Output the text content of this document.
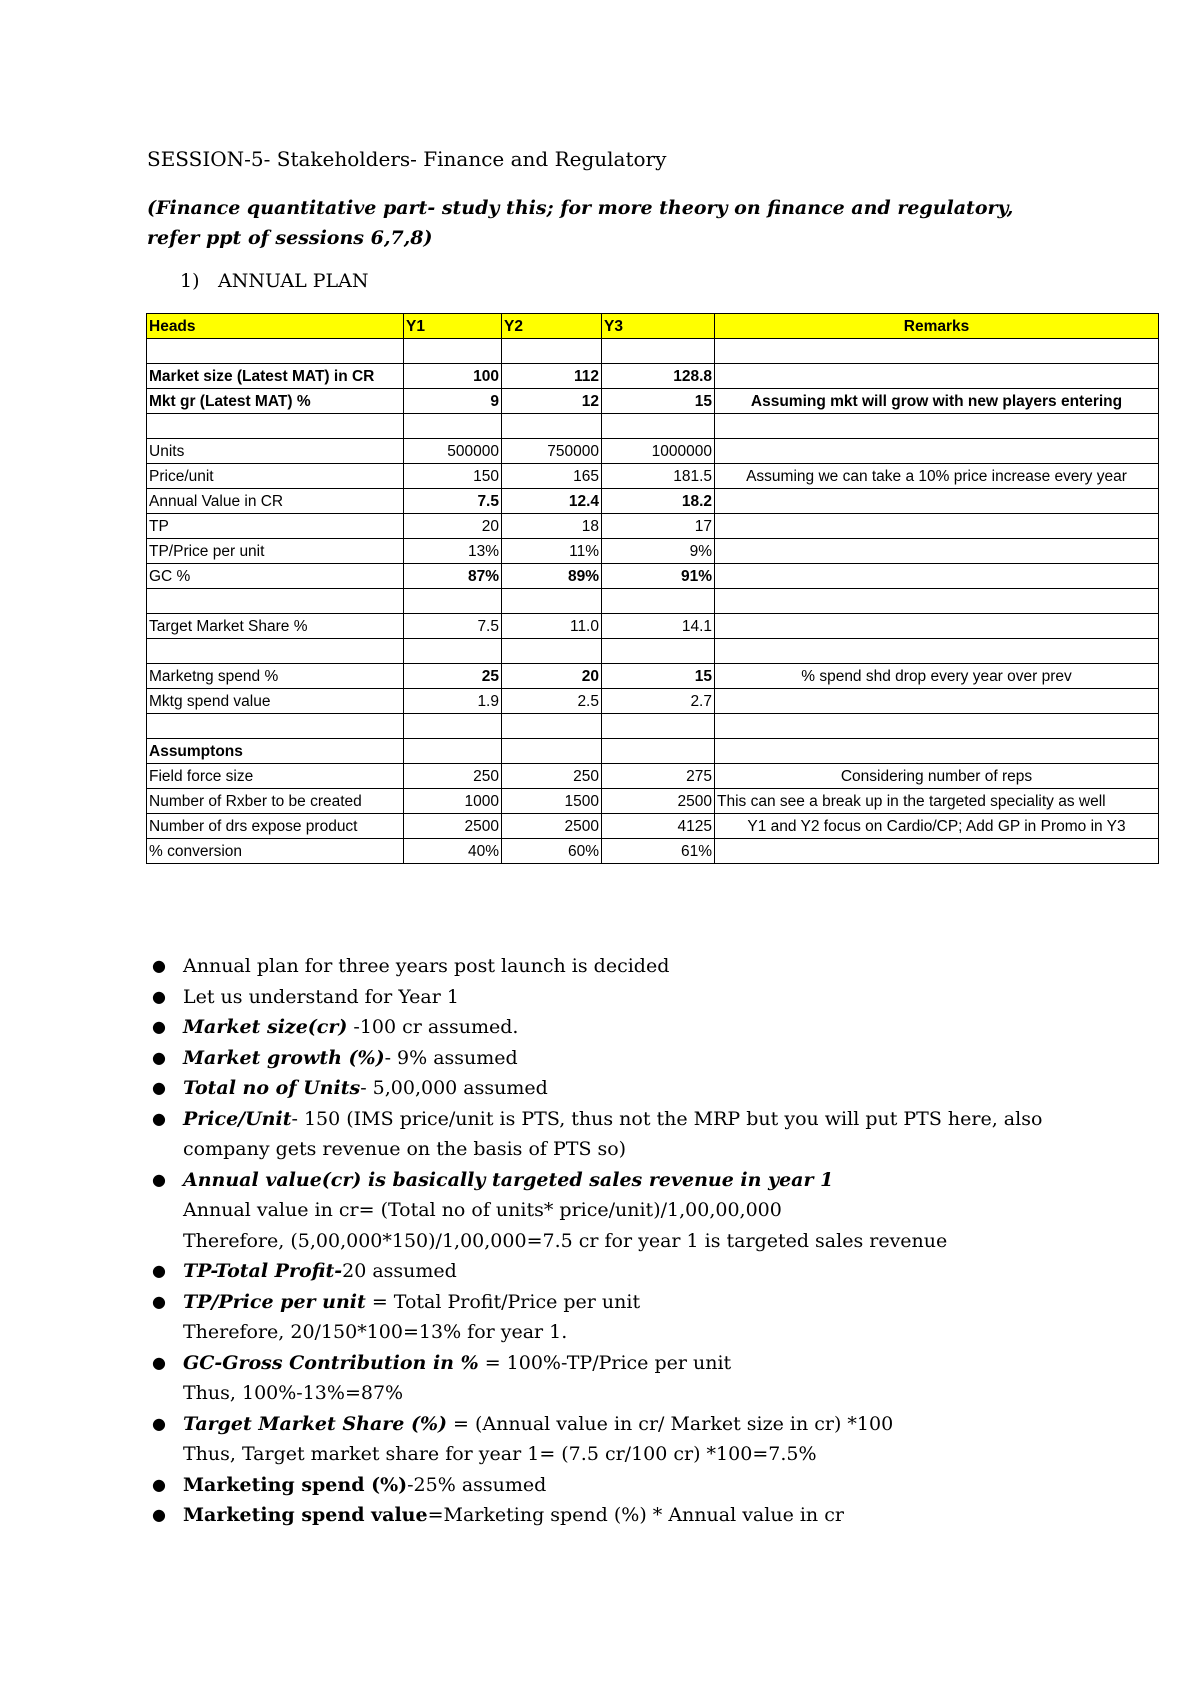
SESSION-5- Stakeholders- Finance and Regulatory
(Finance quantitative part- study this; for more theory on finance and regulatory, refer ppt of sessions 6,7,8)
1) ANNUAL PLAN
Heads	Y1	Y2	Y3	Remarks

Market size (Latest MAT) in CR	100	112	128.8	
Mkt gr (Latest MAT) %	9	12	15	Assuming mkt will grow with new players entering

Units	500000	750000	1000000	
Price/unit	150	165	181.5	Assuming we can take a 10% price increase every year
Annual Value in CR	7.5	12.4	18.2	
TP	20	18	17	
TP/Price per unit	13%	11%	9%	
GC %	87%	89%	91%	

Target Market Share %	7.5	11.0	14.1	

Marketng spend %	25	20	15	% spend shd drop every year over prev
Mktg spend value	1.9	2.5	2.7	

Assumptons				
Field force size	250	250	275	Considering number of reps
Number of Rxber to be created	1000	1500	2500	This can see a break up in the targeted speciality as well
Number of drs expose product	2500	2500	4125	Y1 and Y2 focus on Cardio/CP; Add GP in Promo in Y3
% conversion	40%	60%	61%	
● Annual plan for three years post launch is decided
● Let us understand for Year 1
● Market size(cr) -100 cr assumed.
● Market growth (%)- 9% assumed
● Total no of Units- 5,00,000 assumed
● Price/Unit- 150 (IMS price/unit is PTS, thus not the MRP but you will put PTS here, also company gets revenue on the basis of PTS so)
● Annual value(cr) is basically targeted sales revenue in year 1
Annual value in cr= (Total no of units* price/unit)/1,00,00,000
Therefore, (5,00,000*150)/1,00,000=7.5 cr for year 1 is targeted sales revenue
● TP-Total Profit-20 assumed
● TP/Price per unit = Total Profit/Price per unit
Therefore, 20/150*100=13% for year 1.
● GC-Gross Contribution in % = 100%-TP/Price per unit
Thus, 100%-13%=87%
● Target Market Share (%) = (Annual value in cr/ Market size in cr) *100
Thus, Target market share for year 1= (7.5 cr/100 cr) *100=7.5%
● Marketing spend (%)-25% assumed
● Marketing spend value=Marketing spend (%) * Annual value in cr
